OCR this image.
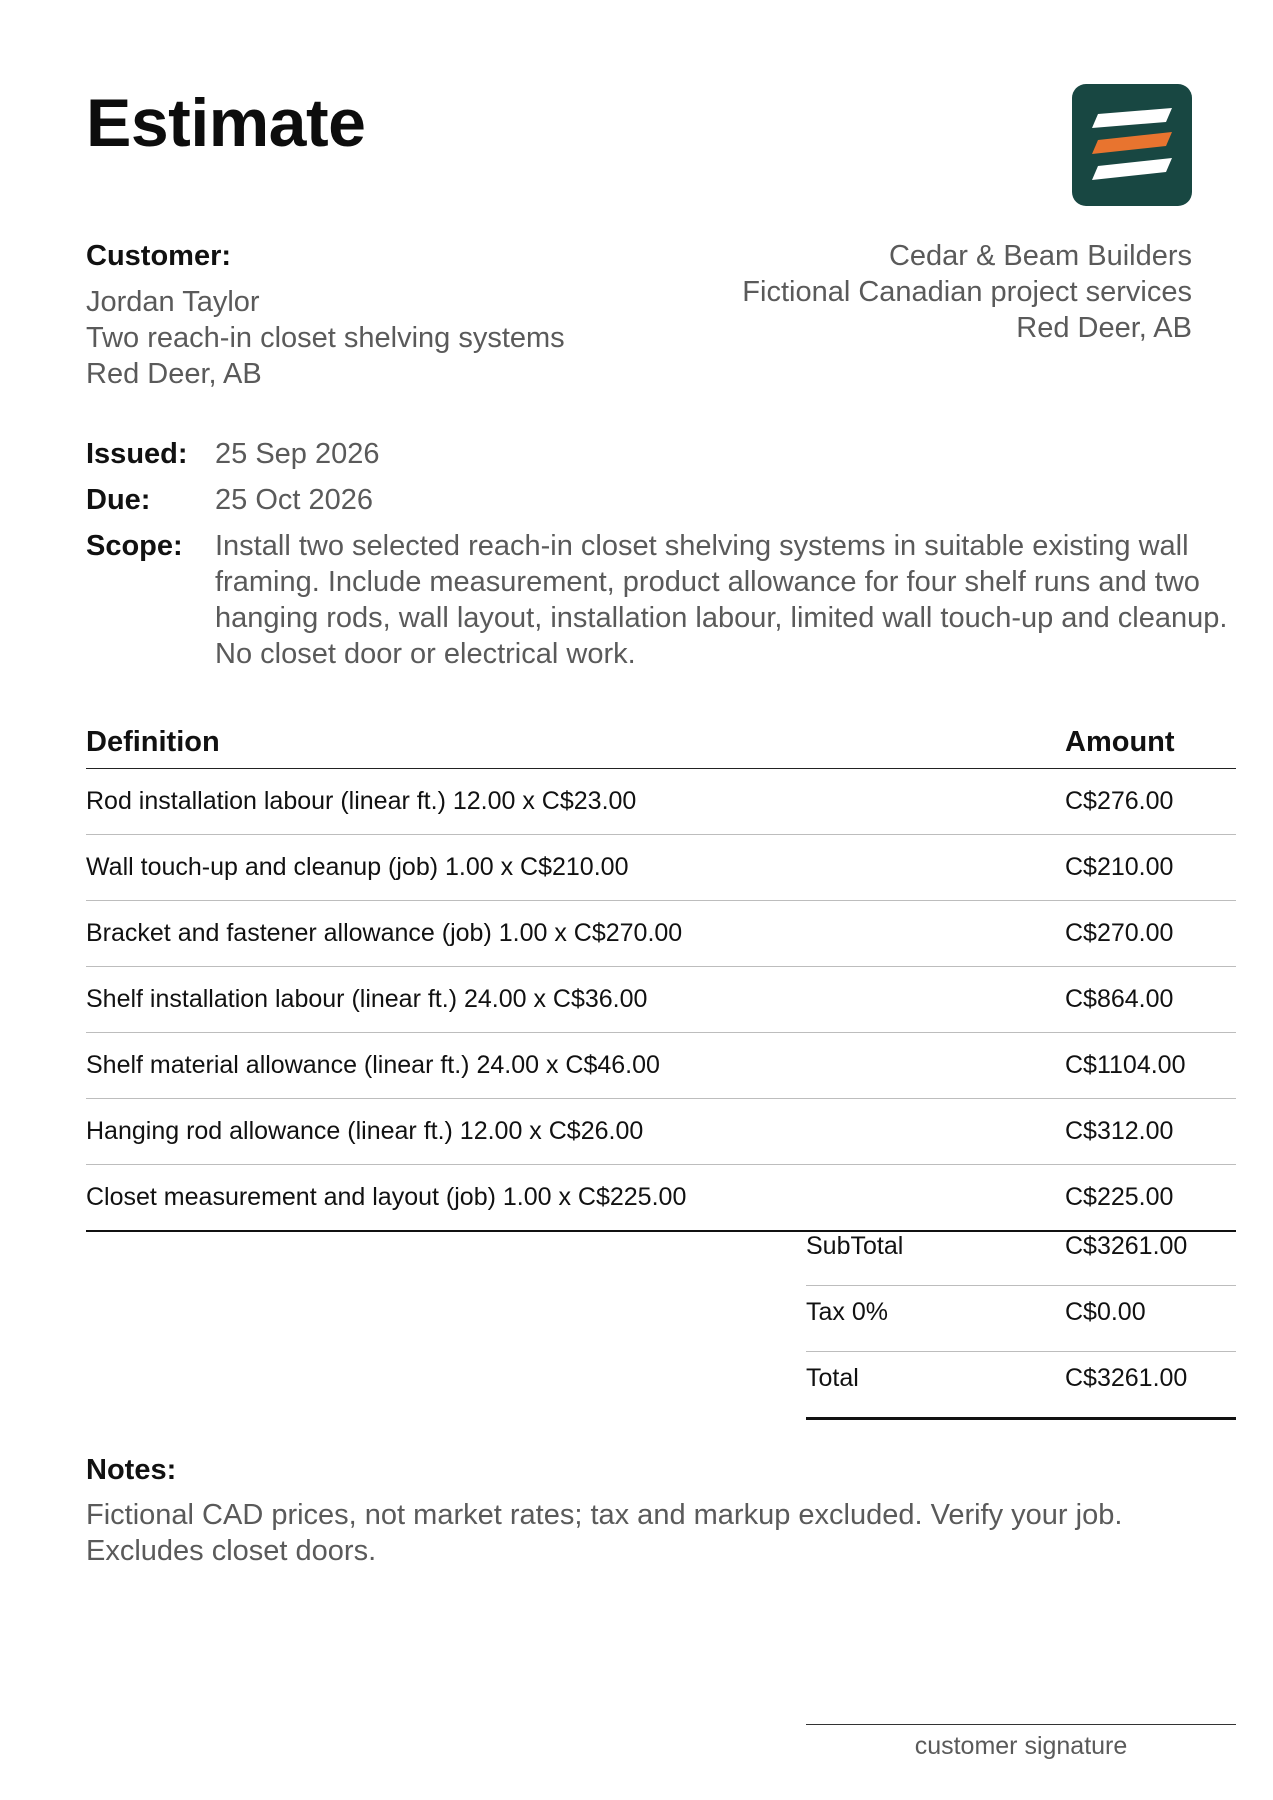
Estimate
Customer:
Jordan Taylor
Two reach-in closet shelving systems
Red Deer, AB
Cedar & Beam Builders
Fictional Canadian project services
Red Deer, AB
Issued: 25 Sep 2026
Due: 25 Oct 2026
Scope: Install two selected reach-in closet shelving systems in suitable existing wall framing. Include measurement, product allowance for four shelf runs and two hanging rods, wall layout, installation labour, limited wall touch-up and cleanup. No closet door or electrical work.
Definition	Amount
Rod installation labour (linear ft.) 12.00 x C$23.00	C$276.00
Wall touch-up and cleanup (job) 1.00 x C$210.00	C$210.00
Bracket and fastener allowance (job) 1.00 x C$270.00	C$270.00
Shelf installation labour (linear ft.) 24.00 x C$36.00	C$864.00
Shelf material allowance (linear ft.) 24.00 x C$46.00	C$1104.00
Hanging rod allowance (linear ft.) 12.00 x C$26.00	C$312.00
Closet measurement and layout (job) 1.00 x C$225.00	C$225.00
SubTotal	C$3261.00
Tax 0%	C$0.00
Total	C$3261.00
Notes:
Fictional CAD prices, not market rates; tax and markup excluded. Verify your job. Excludes closet doors.
customer signature
